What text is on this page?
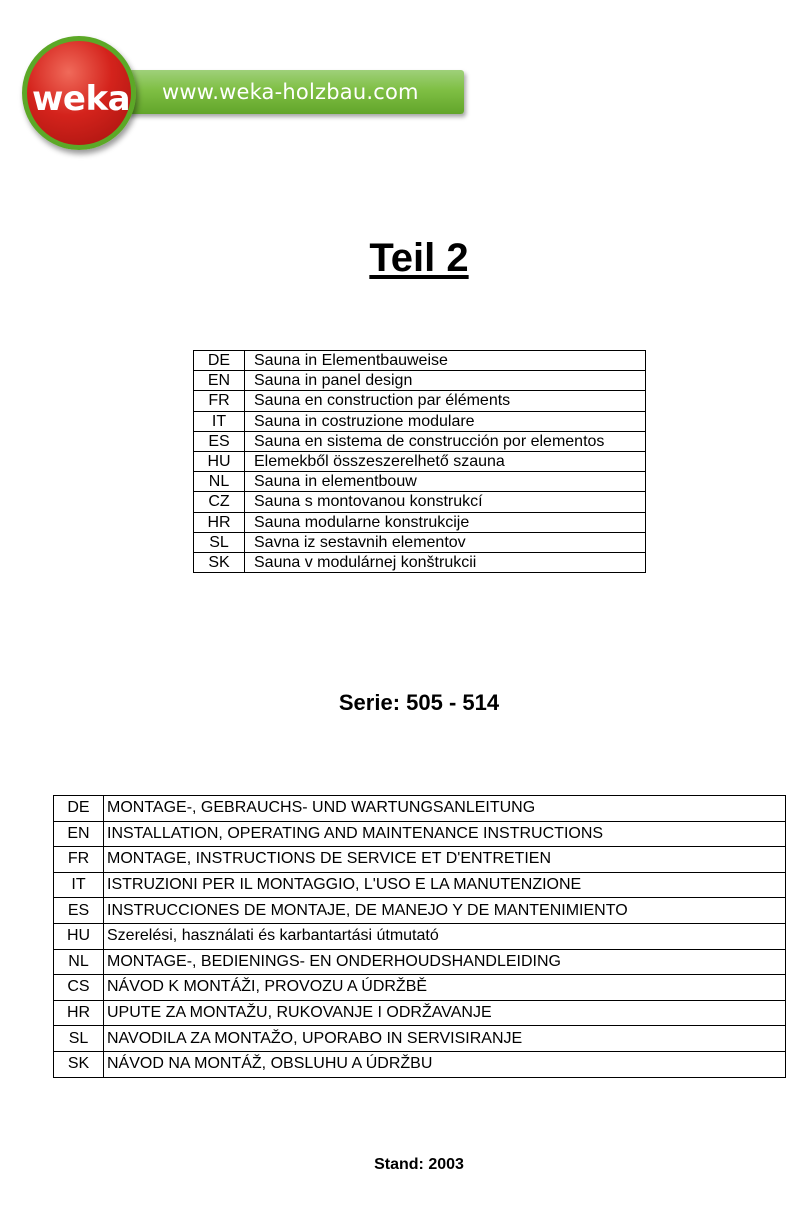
www.weka-holzbau.com
weka
Teil 2
DE	Sauna in Elementbauweise
EN	Sauna in panel design
FR	Sauna en construction par éléments
IT	Sauna in costruzione modulare
ES	Sauna en sistema de construcción por elementos
HU	Elemekből összeszerelhető szauna
NL	Sauna in elementbouw
CZ	Sauna s montovanou konstrukcí
HR	Sauna modularne konstrukcije
SL	Savna iz sestavnih elementov
SK	Sauna v modulárnej konštrukcii
Serie: 505 - 514
DE	MONTAGE-, GEBRAUCHS- UND WARTUNGSANLEITUNG
EN	INSTALLATION, OPERATING AND MAINTENANCE INSTRUCTIONS
FR	MONTAGE, INSTRUCTIONS DE SERVICE ET D'ENTRETIEN
IT	ISTRUZIONI PER IL MONTAGGIO, L'USO E LA MANUTENZIONE
ES	INSTRUCCIONES DE MONTAJE, DE MANEJO Y DE MANTENIMIENTO
HU	Szerelési, használati és karbantartási útmutató
NL	MONTAGE-, BEDIENINGS- EN ONDERHOUDSHANDLEIDING
CS	NÁVOD K MONTÁŽI, PROVOZU A ÚDRŽBĚ
HR	UPUTE ZA MONTAŽU, RUKOVANJE I ODRŽAVANJE
SL	NAVODILA ZA MONTAŽO, UPORABO IN SERVISIRANJE
SK	NÁVOD NA MONTÁŽ, OBSLUHU A ÚDRŽBU
Stand: 2003
